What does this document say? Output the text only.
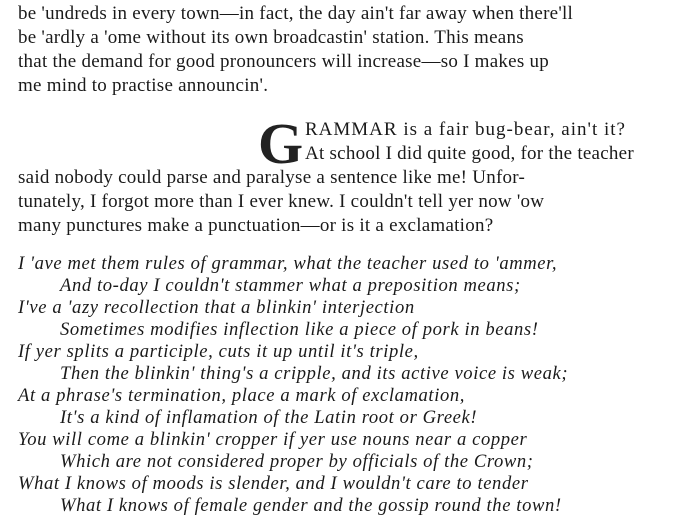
be 'undreds in every town—in fact, the day ain't far away when there'll
be 'ardly a 'ome without its own broadcastin' station. This means
that the demand for good pronouncers will increase—so I makes up
me mind to practise announcin'.
G RAMMAR is a fair bug-bear, ain't it?
At school I did quite good, for the teacher
said nobody could parse and paralyse a sentence like me! Unfor-
tunately, I forgot more than I ever knew. I couldn't tell yer now 'ow
many punctures make a punctuation—or is it a exclamation?
I 'ave met them rules of grammar, what the teacher used to 'ammer,
And to-day I couldn't stammer what a preposition means;
I've a 'azy recollection that a blinkin' interjection
Sometimes modifies inflection like a piece of pork in beans!
If yer splits a participle, cuts it up until it's triple,
Then the blinkin' thing's a cripple, and its active voice is weak;
At a phrase's termination, place a mark of exclamation,
It's a kind of inflamation of the Latin root or Greek!
You will come a blinkin' cropper if yer use nouns near a copper
Which are not considered proper by officials of the Crown;
What I knows of moods is slender, and I wouldn't care to tender
What I knows of female gender and the gossip round the town!
